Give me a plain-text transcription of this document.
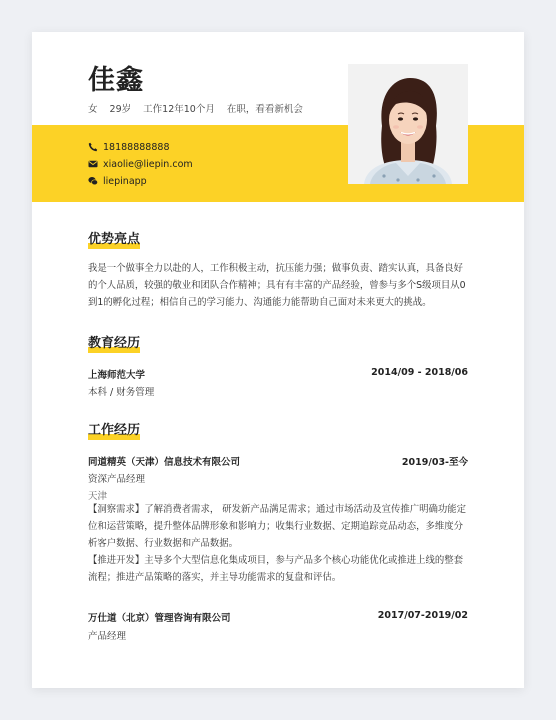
佳鑫
女 29岁 工作12年10个月 在职，看看新机会
18188888888
xiaolie@liepin.com
liepinapp
优势亮点
我是一个做事全力以赴的人，工作积极主动，抗压能力强；做事负责、踏实认真，具备良好的个人品质，较强的敬业和团队合作精神；具有有丰富的产品经验，曾参与多个S级项目从0到1的孵化过程；相信自己的学习能力、沟通能力能帮助自己面对未来更大的挑战。
教育经历
上海师范大学	2014/09 - 2018/06
本科 / 财务管理
工作经历
同道精英（天津）信息技术有限公司	2019/03-至今
资深产品经理
天津
【洞察需求】了解消费者需求， 研发新产品满足需求；通过市场活动及宣传推广明确功能定位和运营策略，提升整体品牌形象和影响力；收集行业数据、定期追踪竞品动态，多维度分析客户数据、行业数据和产品数据。
【推进开发】主导多个大型信息化集成项目，参与产品多个核心功能优化或推进上线的整套流程；推进产品策略的落实，并主导功能需求的复盘和评估。
万仕道（北京）管理咨询有限公司	2017/07-2019/02
产品经理
